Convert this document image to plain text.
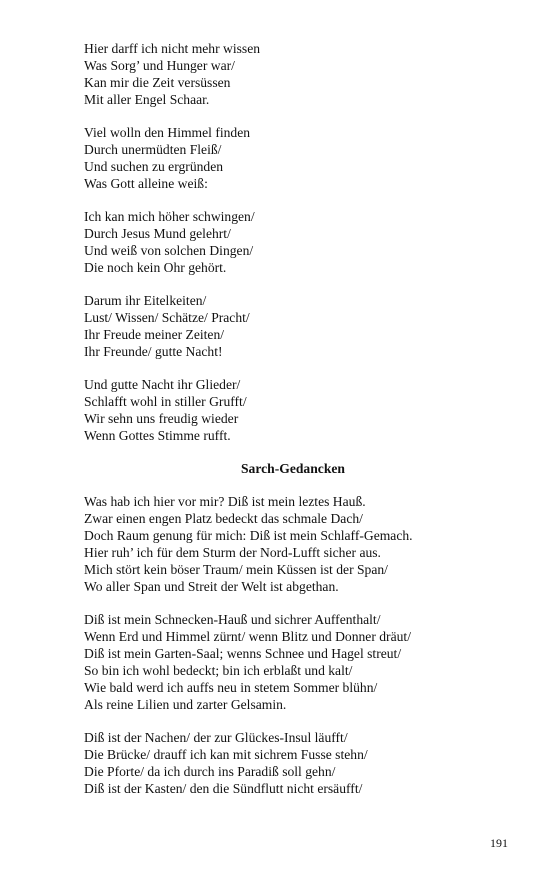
Hier darff ich nicht mehr wissen
Was Sorg’ und Hunger war/
Kan mir die Zeit versüssen
Mit aller Engel Schaar.
Viel wolln den Himmel finden
Durch unermüdten Fleiß/
Und suchen zu ergründen
Was Gott alleine weiß:
Ich kan mich höher schwingen/
Durch Jesus Mund gelehrt/
Und weiß von solchen Dingen/
Die noch kein Ohr gehört.
Darum ihr Eitelkeiten/
Lust/ Wissen/ Schätze/ Pracht/
Ihr Freude meiner Zeiten/
Ihr Freunde/ gutte Nacht!
Und gutte Nacht ihr Glieder/
Schlafft wohl in stiller Grufft/
Wir sehn uns freudig wieder
Wenn Gottes Stimme rufft.
Sarch-Gedancken
Was hab ich hier vor mir? Diß ist mein leztes Hauß.
Zwar einen engen Platz bedeckt das schmale Dach/
Doch Raum genung für mich: Diß ist mein Schlaff-Gemach.
Hier ruh’ ich für dem Sturm der Nord-Lufft sicher aus.
Mich stört kein böser Traum/ mein Küssen ist der Span/
Wo aller Span und Streit der Welt ist abgethan.
Diß ist mein Schnecken-Hauß und sichrer Auffenthalt/
Wenn Erd und Himmel zürnt/ wenn Blitz und Donner dräut/
Diß ist mein Garten-Saal; wenns Schnee und Hagel streut/
So bin ich wohl bedeckt; bin ich erblaßt und kalt/
Wie bald werd ich auffs neu in stetem Sommer blühn/
Als reine Lilien und zarter Gelsamin.
Diß ist der Nachen/ der zur Glückes-Insul läufft/
Die Brücke/ drauff ich kan mit sichrem Fusse stehn/
Die Pforte/ da ich durch ins Paradiß soll gehn/
Diß ist der Kasten/ den die Sündflutt nicht ersäufft/
191
